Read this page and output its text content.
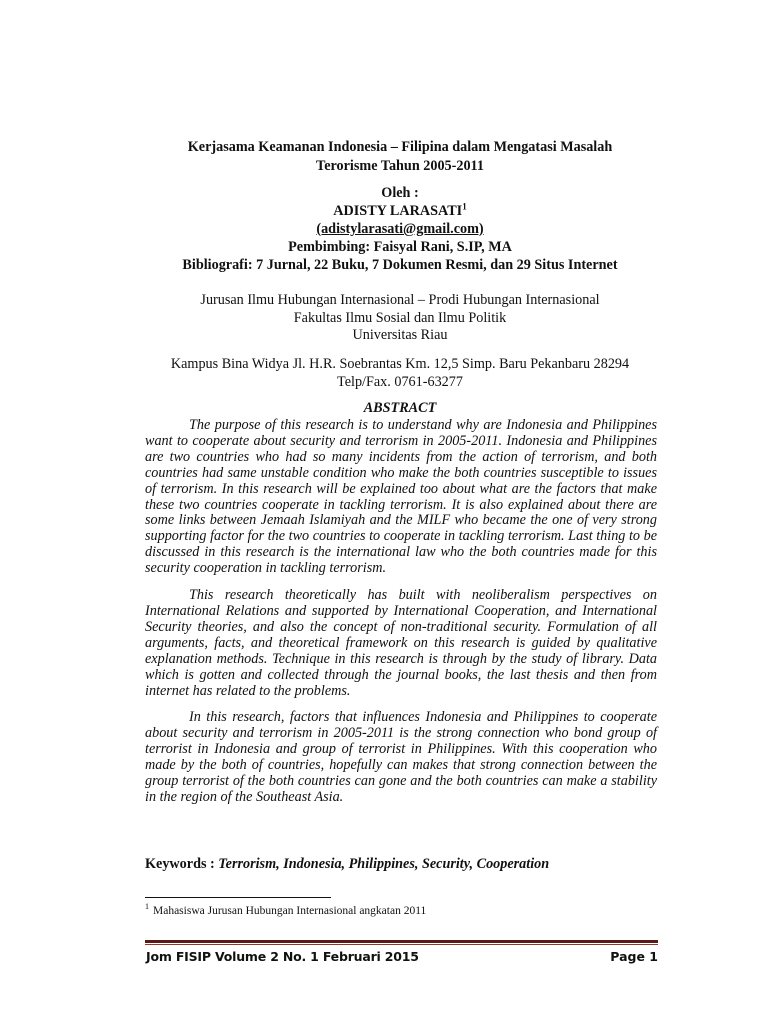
Kerjasama Keamanan Indonesia – Filipina dalam Mengatasi Masalah
Terorisme Tahun 2005-2011
Oleh :
ADISTY LARASATI$^1$
(adistylarasati@gmail.com)
Pembimbing: Faisyal Rani, S.IP, MA
Bibliografi: 7 Jurnal, 22 Buku, 7 Dokumen Resmi, dan 29 Situs Internet
Jurusan Ilmu Hubungan Internasional – Prodi Hubungan Internasional
Fakultas Ilmu Sosial dan Ilmu Politik
Universitas Riau
Kampus Bina Widya Jl. H.R. Soebrantas Km. 12,5 Simp. Baru Pekanbaru 28294
Telp/Fax. 0761-63277
ABSTRACT

The purpose of this research is to understand why are Indonesia and Philippines want to cooperate about security and terrorism in 2005-2011. Indonesia and Philippines are two countries who had so many incidents from the action of terrorism, and both countries had same unstable condition who make the both countries susceptible to issues of terrorism. In this research will be explained too about what are the factors that make these two countries cooperate in tackling terrorism. It is also explained about there are some links between Jemaah Islamiyah and the MILF who became the one of very strong supporting factor for the two countries to cooperate in tackling terrorism. Last thing to be discussed in this research is the international law who the both countries made for this security cooperation in tackling terrorism.

This research theoretically has built with neoliberalism perspectives on International Relations and supported by International Cooperation, and International Security theories, and also the concept of non-traditional security. Formulation of all arguments, facts, and theoretical framework on this research is guided by qualitative explanation methods. Technique in this research is through by the study of library. Data which is gotten and collected through the journal books, the last thesis and then from internet has related to the problems.

In this research, factors that influences Indonesia and Philippines to cooperate about security and terrorism in 2005-2011 is the strong connection who bond group of terrorist in Indonesia and group of terrorist in Philippines. With this cooperation who made by the both of countries, hopefully can makes that strong connection between the group terrorist of the both countries can gone and the both countries can make a stability in the region of the Southeast Asia.

Keywords : Terrorism, Indonesia, Philippines, Security, Cooperation
$^1$ Mahasiswa Jurusan Hubungan Internasional angkatan 2011
Jom FISIP Volume 2 No. 1 Februari 2015	Page 1
